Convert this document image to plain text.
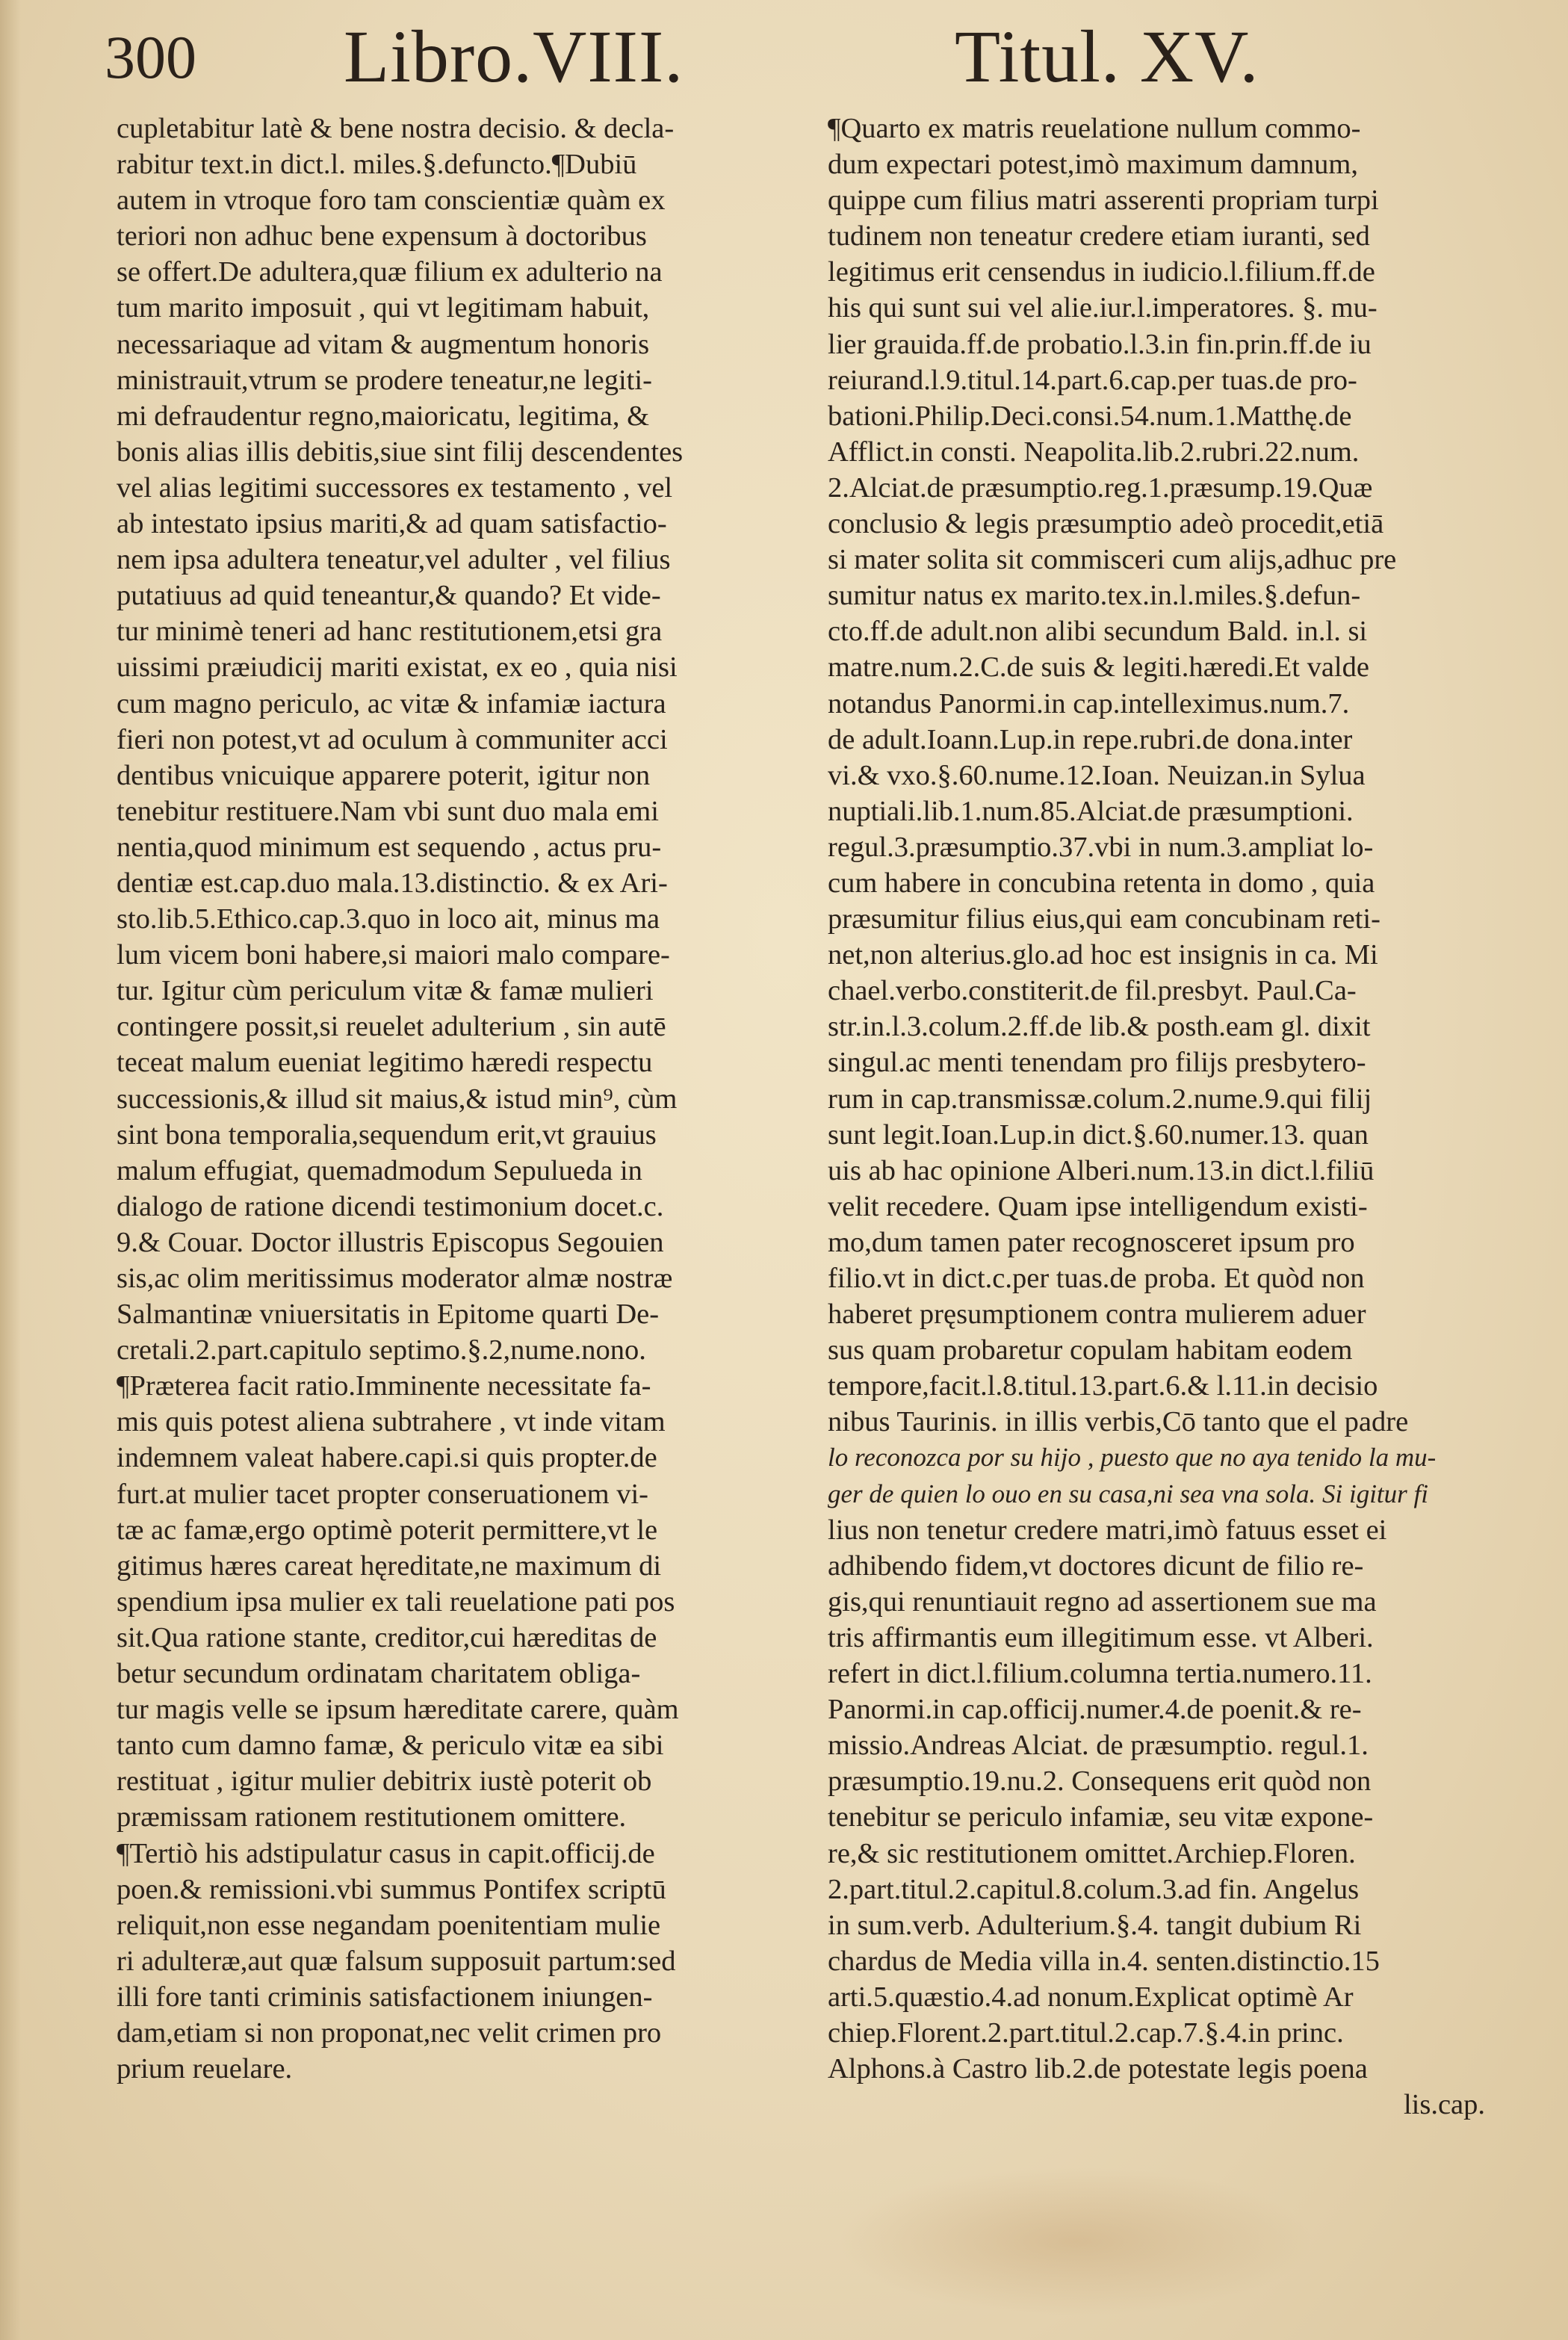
300 Libro.VIII.	Titul. XV.
cupletabitur latè & bene nostra decisio. & decla-
rabitur text.in dict.l. miles.§.defuncto.¶Dubiū
autem in vtroque foro tam conscientiæ quàm ex
teriori non adhuc bene expensum à doctoribus
se offert.De adultera,quæ filium ex adulterio na
tum marito imposuit , qui vt legitimam habuit,
necessariaque ad vitam & augmentum honoris
ministrauit,vtrum se prodere teneatur,ne legiti-
mi defraudentur regno,maioricatu, legitima, &
bonis alias illis debitis,siue sint filij descendentes
vel alias legitimi successores ex testamento , vel
ab intestato ipsius mariti,& ad quam satisfactio-
nem ipsa adultera teneatur,vel adulter , vel filius
putatiuus ad quid teneantur,& quando? Et vide-
tur minimè teneri ad hanc restitutionem,etsi gra
uissimi præiudicij mariti existat, ex eo , quia nisi
cum magno periculo, ac vitæ & infamiæ iactura
fieri non potest,vt ad oculum à communiter acci
dentibus vnicuique apparere poterit, igitur non
tenebitur restituere.Nam vbi sunt duo mala emi
nentia,quod minimum est sequendo , actus pru-
dentiæ est.cap.duo mala.13.distinctio. & ex Ari-
sto.lib.5.Ethico.cap.3.quo in loco ait, minus ma
lum vicem boni habere,si maiori malo compare-
tur. Igitur cùm periculum vitæ & famæ mulieri
contingere possit,si reuelet adulterium , sin autē
teceat malum eueniat legitimo hæredi respectu
successionis,& illud sit maius,& istud min⁹, cùm
sint bona temporalia,sequendum erit,vt grauius
malum effugiat, quemadmodum Sepulueda in
dialogo de ratione dicendi testimonium docet.c.
9.& Couar. Doctor illustris Episcopus Segouien
sis,ac olim meritissimus moderator almæ nostræ
Salmantinæ vniuersitatis in Epitome quarti De-
cretali.2.part.capitulo septimo.§.2,nume.nono.
¶Præterea facit ratio.Imminente necessitate fa-
mis quis potest aliena subtrahere , vt inde vitam
indemnem valeat habere.capi.si quis propter.de
furt.at mulier tacet propter conseruationem vi-
tæ ac famæ,ergo optimè poterit permittere,vt le
gitimus hæres careat hęreditate,ne maximum di
spendium ipsa mulier ex tali reuelatione pati pos
sit.Qua ratione stante, creditor,cui hæreditas de
betur secundum ordinatam charitatem obliga-
tur magis velle se ipsum hæreditate carere, quàm
tanto cum damno famæ, & periculo vitæ ea sibi
restituat , igitur mulier debitrix iustè poterit ob
præmissam rationem restitutionem omittere.
¶Tertiò his adstipulatur casus in capit.officij.de
poen.& remissioni.vbi summus Pontifex scriptū
reliquit,non esse negandam poenitentiam mulie
ri adulteræ,aut quæ falsum supposuit partum:sed
illi fore tanti criminis satisfactionem iniungen-
dam,etiam si non proponat,nec velit crimen pro
prium reuelare.
¶Quarto ex matris reuelatione nullum commo-
dum expectari potest,imò maximum damnum,
quippe cum filius matri asserenti propriam turpi
tudinem non teneatur credere etiam iuranti, sed
legitimus erit censendus in iudicio.l.filium.ff.de
his qui sunt sui vel alie.iur.l.imperatores. §. mu-
lier grauida.ff.de probatio.l.3.in fin.prin.ff.de iu
reiurand.l.9.titul.14.part.6.cap.per tuas.de pro-
bationi.Philip.Deci.consi.54.num.1.Matthę.de
Afflict.in consti. Neapolita.lib.2.rubri.22.num.
2.Alciat.de præsumptio.reg.1.præsump.19.Quæ
conclusio & legis præsumptio adeò procedit,etiā
si mater solita sit commisceri cum alijs,adhuc pre
sumitur natus ex marito.tex.in.l.miles.§.defun-
cto.ff.de adult.non alibi secundum Bald. in.l. si
matre.num.2.C.de suis & legiti.hæredi.Et valde
notandus Panormi.in cap.intelleximus.num.7.
de adult.Ioann.Lup.in repe.rubri.de dona.inter
vi.& vxo.§.60.nume.12.Ioan. Neuizan.in Sylua
nuptiali.lib.1.num.85.Alciat.de præsumptioni.
regul.3.præsumptio.37.vbi in num.3.ampliat lo-
cum habere in concubina retenta in domo , quia
præsumitur filius eius,qui eam concubinam reti-
net,non alterius.glo.ad hoc est insignis in ca. Mi
chael.verbo.constiterit.de fil.presbyt. Paul.Ca-
str.in.l.3.colum.2.ff.de lib.& posth.eam gl. dixit
singul.ac menti tenendam pro filijs presbytero-
rum in cap.transmissæ.colum.2.nume.9.qui filij
sunt legit.Ioan.Lup.in dict.§.60.numer.13. quan
uis ab hac opinione Alberi.num.13.in dict.l.filiū
velit recedere. Quam ipse intelligendum existi-
mo,dum tamen pater recognosceret ipsum pro
filio.vt in dict.c.per tuas.de proba. Et quòd non
haberet pręsumptionem contra mulierem aduer
sus quam probaretur copulam habitam eodem
tempore,facit.l.8.titul.13.part.6.& l.11.in decisio
nibus Taurinis. in illis verbis,Cō tanto que el padre
lo reconozca por su hijo , puesto que no aya tenido la mu-
ger de quien lo ouo en su casa,ni sea vna sola. Si igitur fi
lius non tenetur credere matri,imò fatuus esset ei
adhibendo fidem,vt doctores dicunt de filio re-
gis,qui renuntiauit regno ad assertionem sue ma
tris affirmantis eum illegitimum esse. vt Alberi.
refert in dict.l.filium.columna tertia.numero.11.
Panormi.in cap.officij.numer.4.de poenit.& re-
missio.Andreas Alciat. de præsumptio. regul.1.
præsumptio.19.nu.2. Consequens erit quòd non
tenebitur se periculo infamiæ, seu vitæ expone-
re,& sic restitutionem omittet.Archiep.Floren.
2.part.titul.2.capitul.8.colum.3.ad fin. Angelus
in sum.verb. Adulterium.§.4. tangit dubium Ri
chardus de Media villa in.4. senten.distinctio.15
arti.5.quæstio.4.ad nonum.Explicat optimè Ar
chiep.Florent.2.part.titul.2.cap.7.§.4.in princ.
Alphons.à Castro lib.2.de potestate legis poena
lis.cap.
